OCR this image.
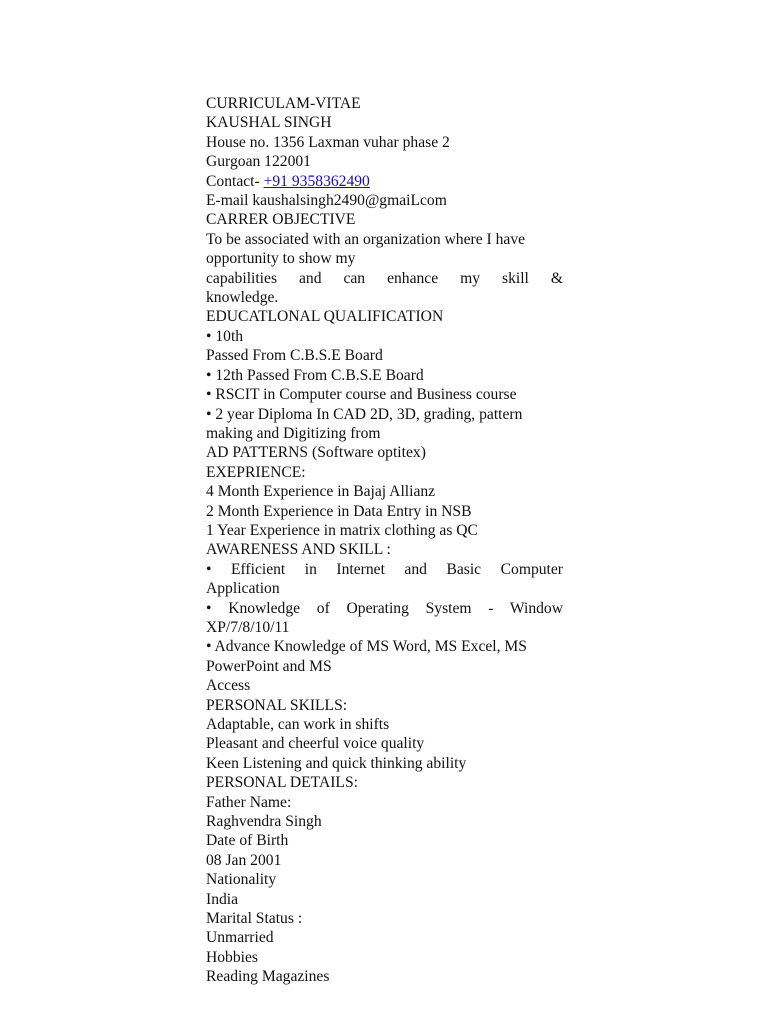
CURRICULAM-VITAE
KAUSHAL SINGH
House no. 1356 Laxman vuhar phase 2
Gurgoan 122001
Contact- +91 9358362490
E-mail kaushalsingh2490@gmaiLcom
CARRER OBJECTIVE
To be associated with an organization where I have
opportunity to show my
capabilities and can enhance my skill &
knowledge.
EDUCATLONAL QUALIFICATION
• 10th
Passed From C.B.S.E Board
• 12th Passed From C.B.S.E Board
• RSCIT in Computer course and Business course
• 2 year Diploma In CAD 2D, 3D, grading, pattern
making and Digitizing from
AD PATTERNS (Software optitex)
EXEPRIENCE:
4 Month Experience in Bajaj Allianz
2 Month Experience in Data Entry in NSB
1 Year Experience in matrix clothing as QC
AWARENESS AND SKILL :
• Efficient in Internet and Basic Computer
Application
• Knowledge of Operating System - Window
XP/7/8/10/11
• Advance Knowledge of MS Word, MS Excel, MS
PowerPoint and MS
Access
PERSONAL SKILLS:
Adaptable, can work in shifts
Pleasant and cheerful voice quality
Keen Listening and quick thinking ability
PERSONAL DETAILS:
Father Name:
Raghvendra Singh
Date of Birth
08 Jan 2001
Nationality
India
Marital Status :
Unmarried
Hobbies
Reading Magazines
